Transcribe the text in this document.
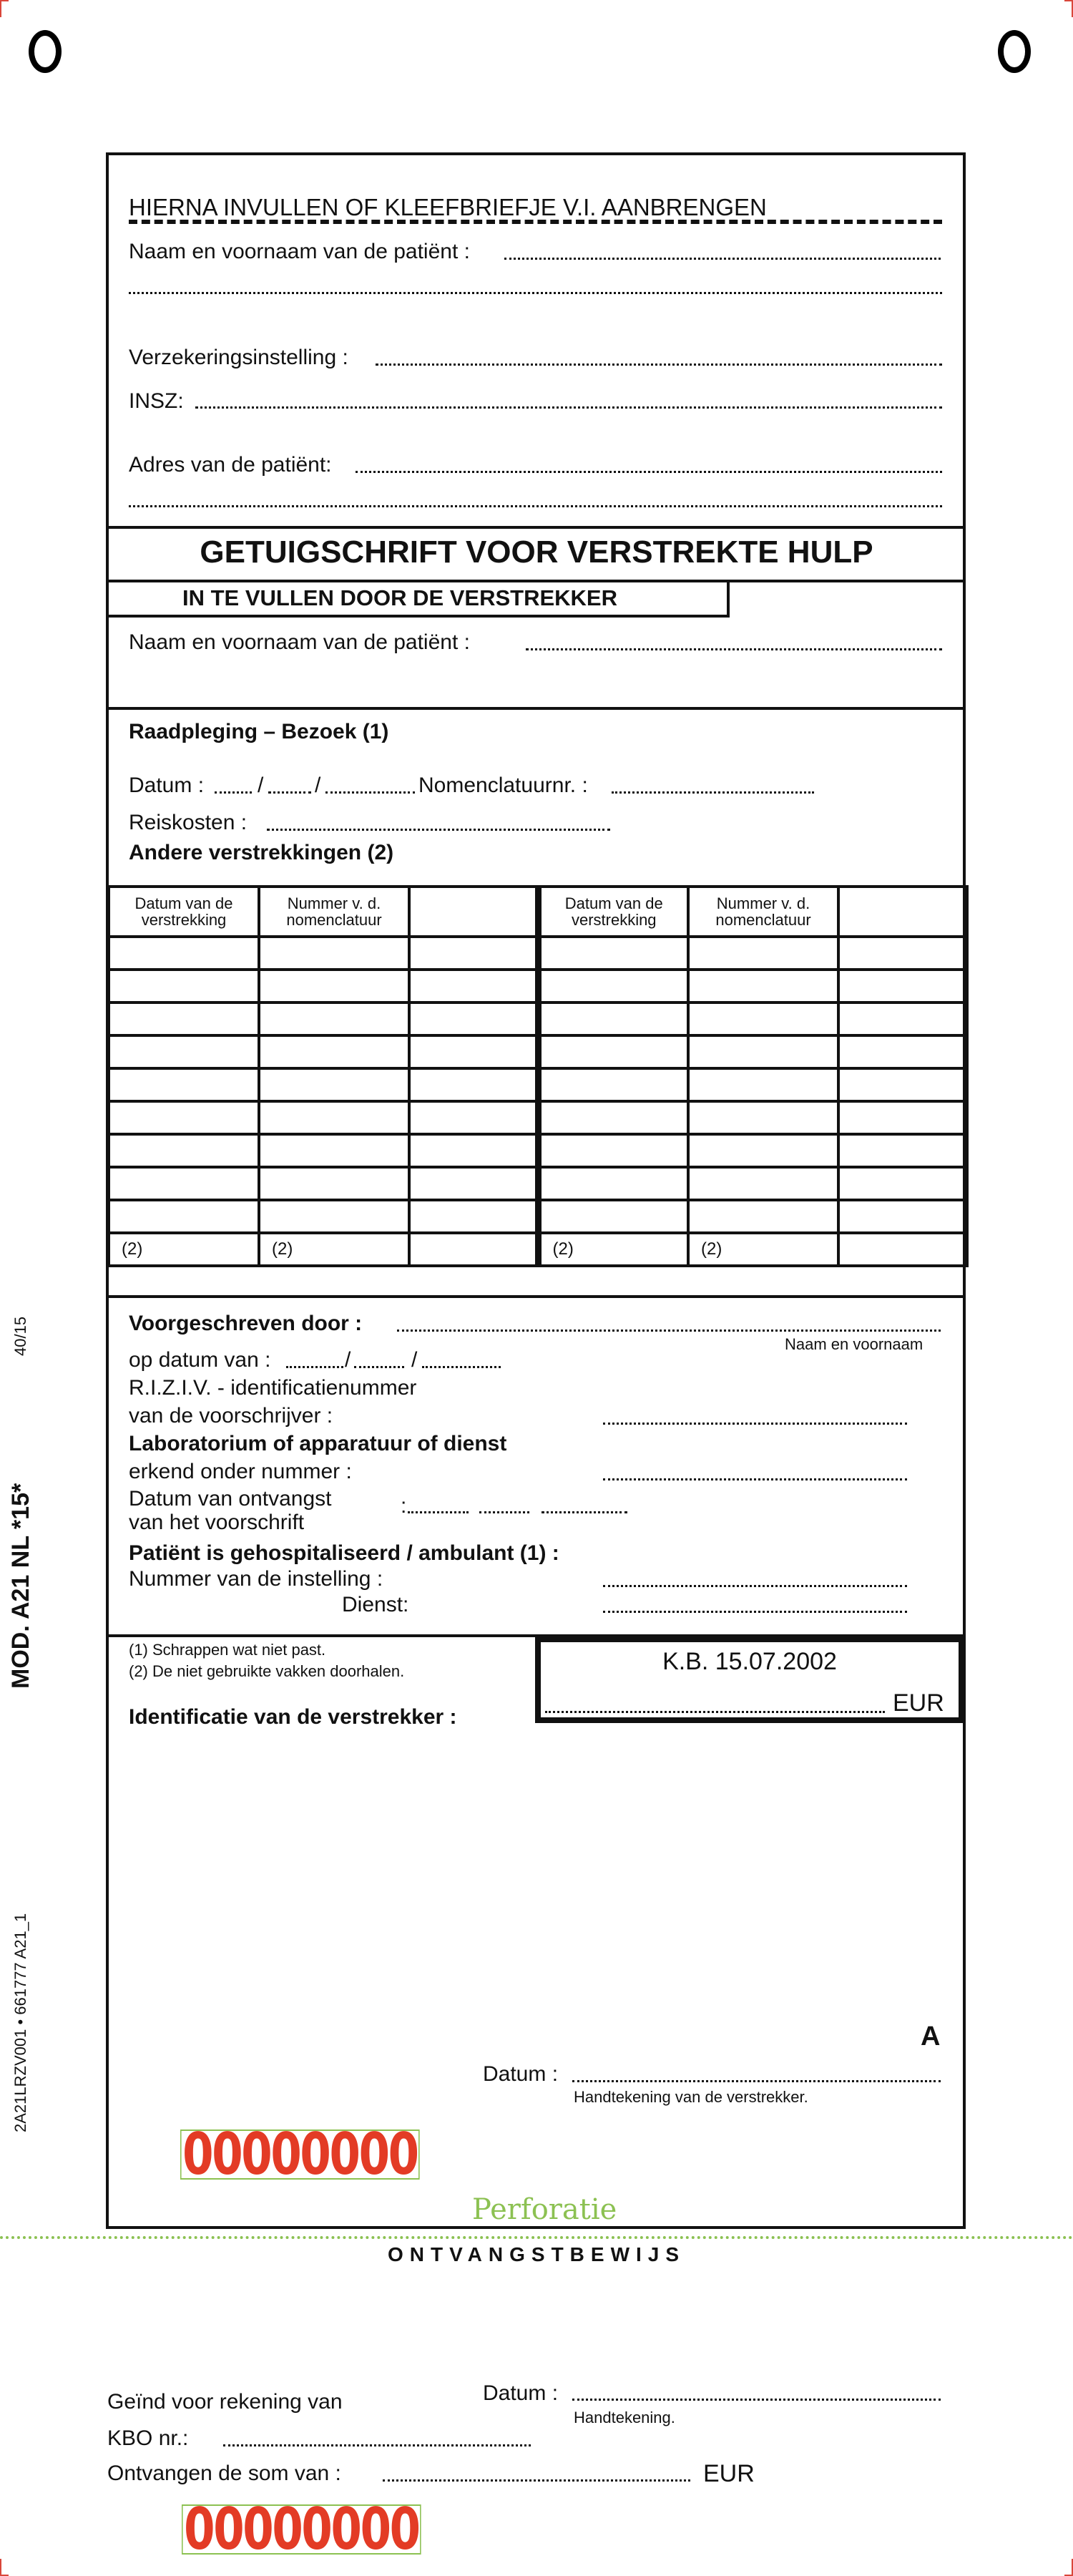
40/15
MOD. A21 NL *15*
2A21LRZV001 • 661777 A21_1
HIERNA INVULLEN OF KLEEFBRIEFJE V.I. AANBRENGEN
Naam en voornaam van de patiënt :
Verzekeringsinstelling :
INSZ:
Adres van de patiënt:
GETUIGSCHRIFT VOOR VERSTREKTE HULP
IN TE VULLEN DOOR DE VERSTREKKER
Naam en voornaam van de patiënt :
Raadpleging – Bezoek (1)
Datum : / /	Nomenclatuurnr. :
Reiskosten :
Andere verstrekkingen (2)
Datum van de verstrekking	Nummer v. d. nomenclatuur		Datum van de verstrekking	Nummer v. d. nomenclatuur	

(2)	(2)		(2)	(2)	
Voorgeschreven door :
Naam en voornaam
op datum van :	/	/
R.I.Z.I.V. - identificatienummer
van de voorschrijver :
Laboratorium of apparatuur of dienst
erkend onder nummer :
Datum van ontvangst
van het voorschrift
:
Patiënt is gehospitaliseerd / ambulant (1) :
Nummer van de instelling :
Dienst:
(1) Schrappen wat niet past.
(2) De niet gebruikte vakken doorhalen.
Identificatie van de verstrekker :
K.B. 15.07.2002
EUR
A
Datum :
Handtekening van de verstrekker.
00000000
Perforatie
ONTVANGSTBEWIJS
Datum :
Handtekening.
Geïnd voor rekening van
KBO nr.:
Ontvangen de som van :	EUR
00000000
